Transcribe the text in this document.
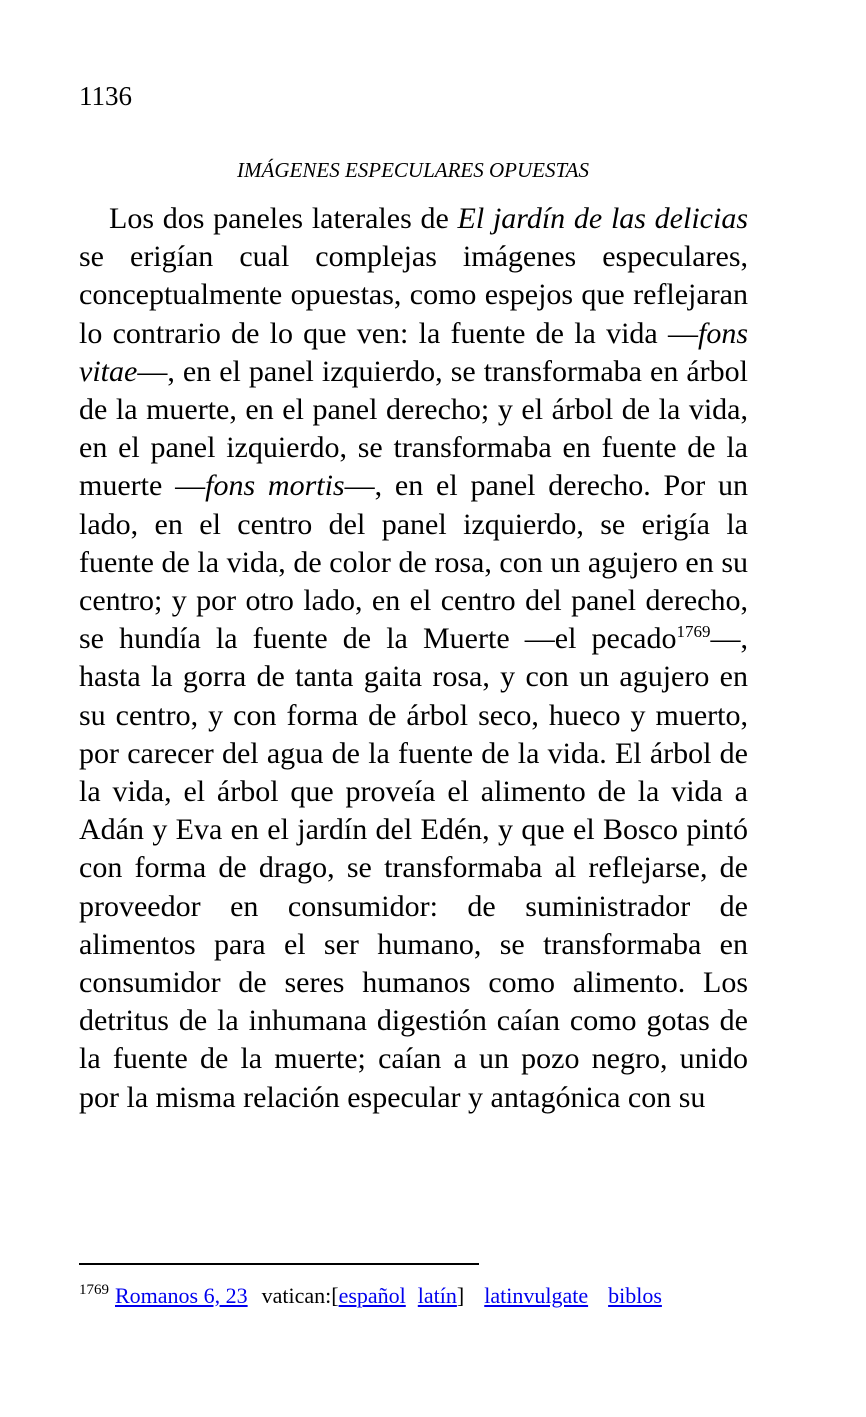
1136
IMÁGENES ESPECULARES OPUESTAS

Los dos paneles laterales de El jardín de las delicias se erigían cual complejas imágenes especulares, conceptualmente opuestas, como espejos que reflejaran lo contrario de lo que ven: la fuente de la vida —fons vitae—, en el panel izquierdo, se transformaba en árbol de la muerte, en el panel derecho; y el árbol de la vida, en el panel izquierdo, se transformaba en fuente de la muerte —fons mortis—, en el panel derecho. Por un lado, en el centro del panel izquierdo, se erigía la fuente de la vida, de color de rosa, con un agujero en su centro; y por otro lado, en el centro del panel derecho, se hundía la fuente de la Muerte —el pecado$^{1769}$—, hasta la gorra de tanta gaita rosa, y con un agujero en su centro, y con forma de árbol seco, hueco y muerto, por carecer del agua de la fuente de la vida. El árbol de la vida, el árbol que proveía el alimento de la vida a Adán y Eva en el jardín del Edén, y que el Bosco pintó con forma de drago, se transformaba al reflejarse, de proveedor en consumidor: de suministrador de alimentos para el ser humano, se transformaba en consumidor de seres humanos como alimento. Los detritus de la inhumana digestión caían como gotas de la fuente de la muerte; caían a un pozo negro, unido por la misma relación especular y antagónica con su

$^{1769}$ Romanos 6, 23 vatican:[español latín] latinvulgate biblos
